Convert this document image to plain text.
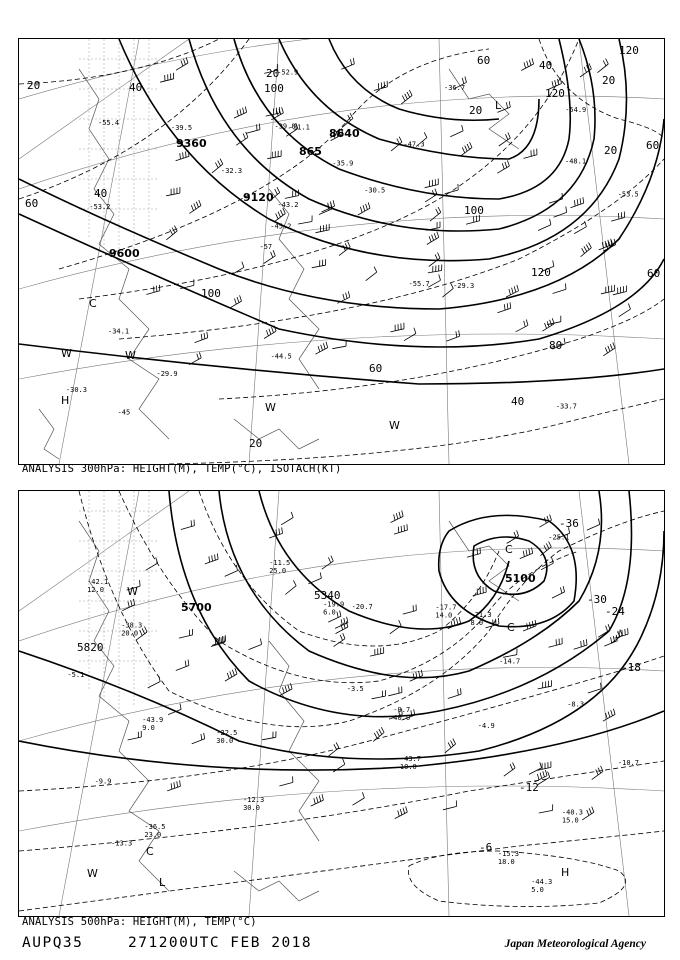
20	40
40
60
100
20
100
120
120
20
120
20
60
60
80
60
40
20
20
60	40
100
9360
9120
9600
8640
865
L
H
W	W
W
W
C
-33.7
-53.2
-54.9
-57
-47.3
-45
-39.8
-35.9
-34.1
-32.3
-30.3
-29.9
-31.1
-30.5
-29.3
-55.4
-52.9
-53.5
-55.7
-48.1
-45.2
-44.5
-43.2
-39.5
-36.7
ANALYSIS 300hPa: HEIGHT(M), TEMP(°C), ISOTACH(KT)
5700
5820
5340
5100
-36
-30
-24
-18
-12
-6
W
W
C
C
C
L
H
-44.3
5.0
-43.9
9.0
-43.7
10.0
-42.1
12.0
-40.3
15.0
-38.3
20.0
-36.5
23.0
-22.5
30.0
-21.3
8.0
-19.9
6.0
-17.7
14.0
-15.3
18.0
-12.3
30.0
-11.5
25.0
-9.7
40.0
-9.9
-4.9
-3.5
-5.1
-13.3
-25.1
-20.7
-14.7
-10.7
-8.3
ANALYSIS 500hPa: HEIGHT(M), TEMP(°C)
AUPQ35	271200UTC FEB 2018	Japan Meteorological Agency
